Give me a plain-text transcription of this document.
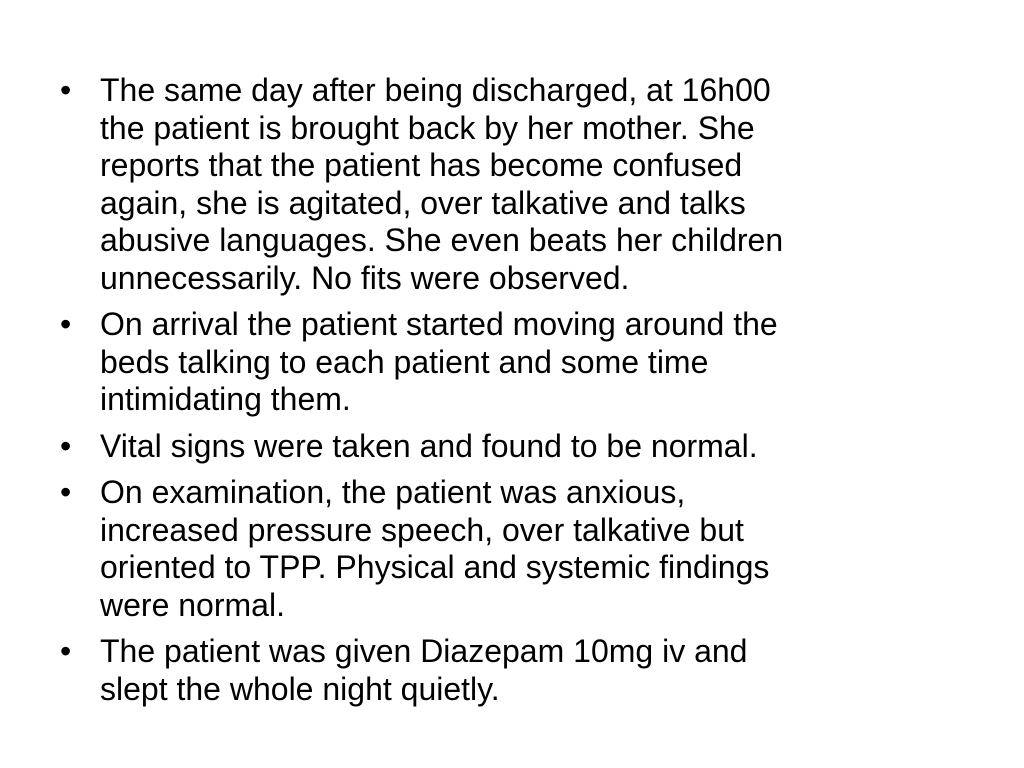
• The same day after being discharged, at 16h00
the patient is brought back by her mother. She
reports that the patient has become confused
again, she is agitated, over talkative and talks
abusive languages. She even beats her children
unnecessarily. No fits were observed.
• On arrival the patient started moving around the
beds talking to each patient and some time
intimidating them.
• Vital signs were taken and found to be normal.
• On examination, the patient was anxious,
increased pressure speech, over talkative but
oriented to TPP. Physical and systemic findings
were normal.
• The patient was given Diazepam 10mg iv and
slept the whole night quietly.
